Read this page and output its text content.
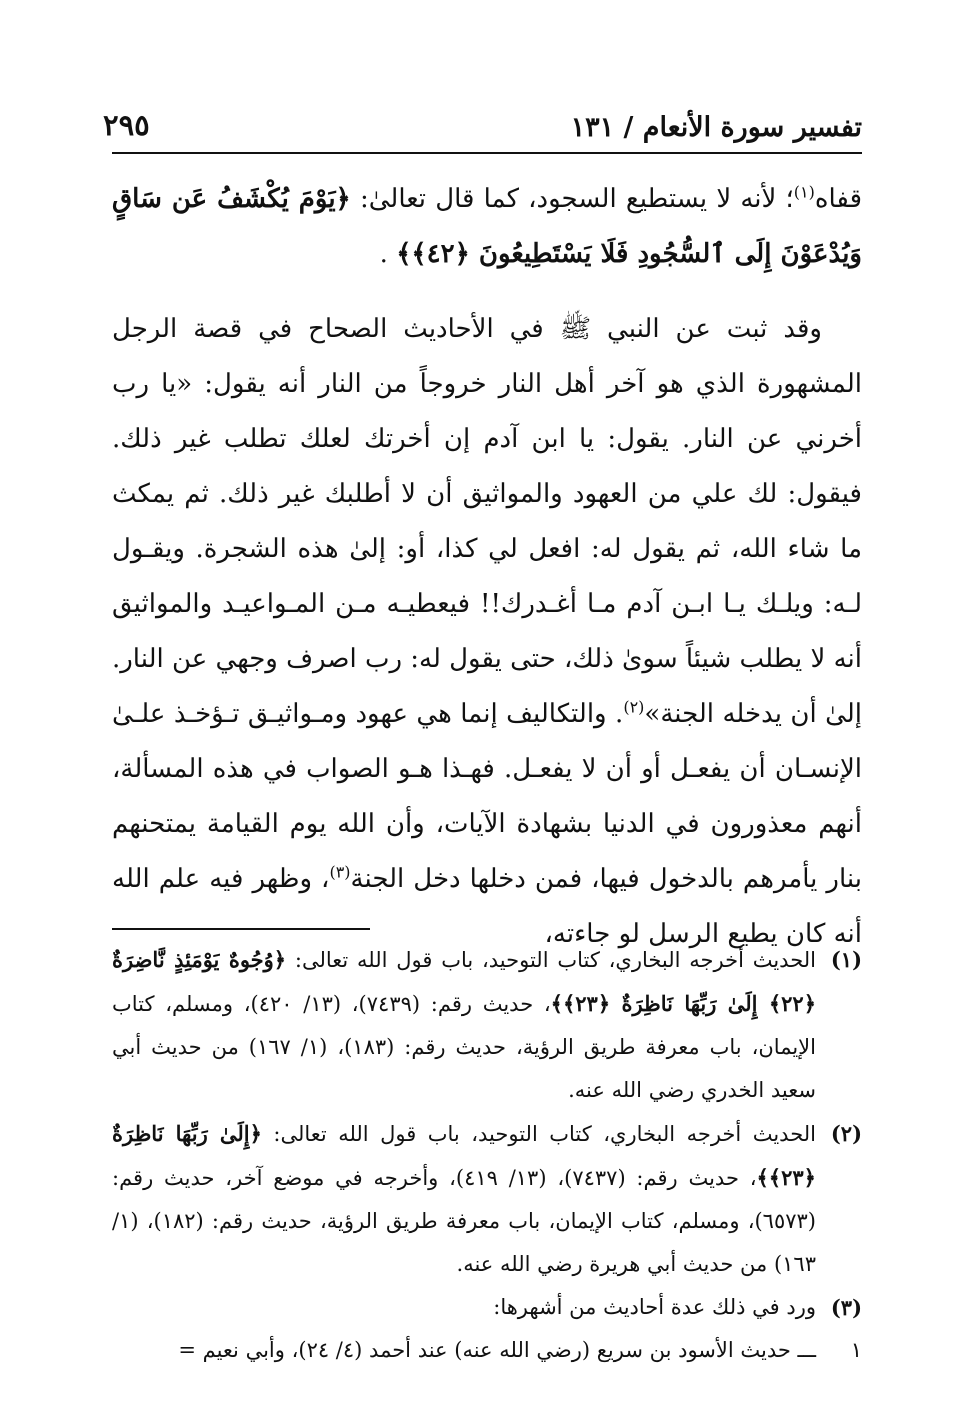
تفسير سورة الأنعام / ١٣١
٢٩٥

قفاه$^{(١)}$؛ لأنه لا يستطيع السجود، كما قال تعالىٰ: ﴿يَوْمَ يُكْشَفُ عَن سَاقٍ وَيُدْعَوْنَ إِلَى ٱلسُّجُودِ فَلَا يَسْتَطِيعُونَ ﴿٤٢﴾﴾ .

وقد ثبت عن النبي ﷺ في الأحاديث الصحاح في قصة الرجل المشهورة الذي هو آخر أهل النار خروجاً من النار أنه يقول: «يا رب أخرني عن النار. يقول: يا ابن آدم إن أخرتك لعلك تطلب غير ذلك. فيقول: لك علي من العهود والمواثيق أن لا أطلبك غير ذلك. ثم يمكث ما شاء الله، ثم يقول له: افعل لي كذا، أو: إلىٰ هذه الشجرة. ويقـول لـه: ويلـك يـا ابـن آدم مـا أغـدرك!! فيعطيـه مـن المـواعيـد والمواثيق أنه لا يطلب شيئاً سوىٰ ذلك، حتى يقول له: رب اصرف وجهي عن النار. إلىٰ أن يدخله الجنة»$^{(٢)}$. والتكاليف إنما هي عهود ومـواثيـق تـؤخـذ علـىٰ الإنسـان أن يفعـل أو أن لا يفعـل. فهـذا هـو الصواب في هذه المسألة، أنهم معذورون في الدنيا بشهادة الآيات، وأن الله يوم القيامة يمتحنهم بنار يأمرهم بالدخول فيها، فمن دخلها دخل الجنة$^{(٣)}$، وظهر فيه علم الله أنه كان يطيع الرسل لو جاءته،

(١)
الحديث أخرجه البخاري، كتاب التوحيد، باب قول الله تعالى: ﴿وُجُوهٌ يَوْمَئِذٍ نَّاضِرَةٌ ﴿٢٢﴾ إِلَىٰ رَبِّهَا نَاظِرَةٌ ﴿٢٣﴾﴾، حديث رقم: (٧٤٣٩)، (١٣/ ٤٢٠)، ومسلم، كتاب الإيمان، باب معرفة طريق الرؤية، حديث رقم: (١٨٣)، (١/ ١٦٧) من حديث أبي سعيد الخدري رضي الله عنه.
(٢)
الحديث أخرجه البخاري، كتاب التوحيد، باب قول الله تعالى: ﴿إِلَىٰ رَبِّهَا نَاظِرَةٌ ﴿٢٣﴾﴾، حديث رقم: (٧٤٣٧)، (١٣/ ٤١٩)، وأخرجه في موضع آخر، حديث رقم: (٦٥٧٣)، ومسلم، كتاب الإيمان، باب معرفة طريق الرؤية، حديث رقم: (١٨٢)، (١/ ١٦٣) من حديث أبي هريرة رضي الله عنه.
(٣)
ورد في ذلك عدة أحاديث من أشهرها:
١
ـــ حديث الأسود بن سريع (رضي الله عنه) عند أحمد (٤/ ٢٤)، وأبي نعيم =
